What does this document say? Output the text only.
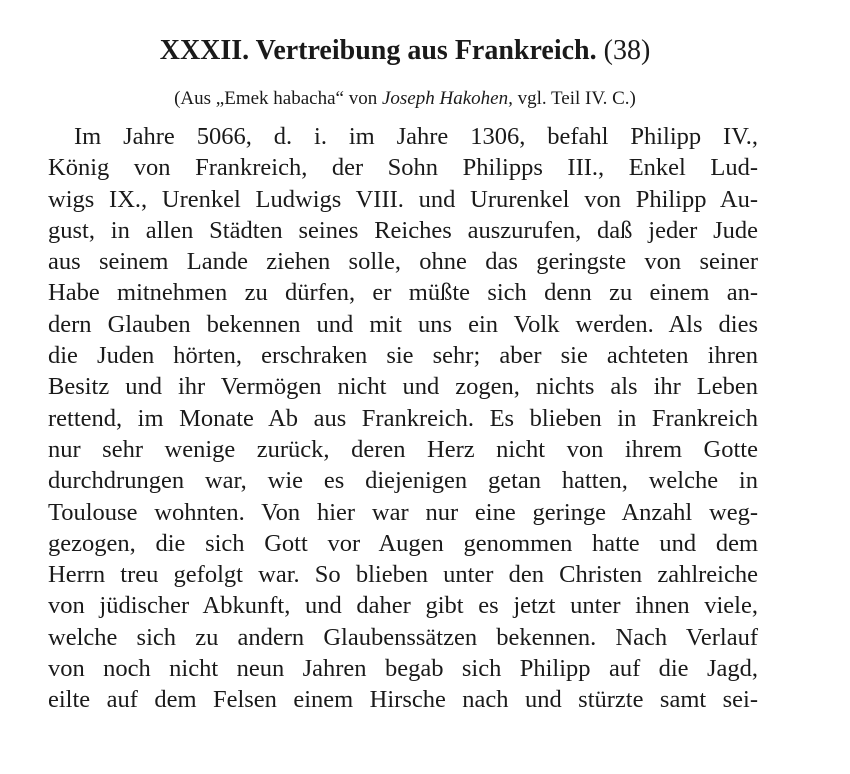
XXXII. Vertreibung aus Frankreich. (38)
(Aus „Emek habacha“ von Joseph Hakohen, vgl. Teil IV. C.)
Im Jahre 5066, d. i. im Jahre 1306, befahl Philipp IV.,
König von Frankreich, der Sohn Philipps III., Enkel Lud-
wigs IX., Urenkel Ludwigs VIII. und Ururenkel von Philipp Au-
gust, in allen Städten seines Reiches auszurufen, daß jeder Jude
aus seinem Lande ziehen solle, ohne das geringste von seiner
Habe mitnehmen zu dürfen, er müßte sich denn zu einem an-
dern Glauben bekennen und mit uns ein Volk werden. Als dies
die Juden hörten, erschraken sie sehr; aber sie achteten ihren
Besitz und ihr Vermögen nicht und zogen, nichts als ihr Leben
rettend, im Monate Ab aus Frankreich. Es blieben in Frankreich
nur sehr wenige zurück, deren Herz nicht von ihrem Gotte
durchdrungen war, wie es diejenigen getan hatten, welche in
Toulouse wohnten. Von hier war nur eine geringe Anzahl weg-
gezogen, die sich Gott vor Augen genommen hatte und dem
Herrn treu gefolgt war. So blieben unter den Christen zahlreiche
von jüdischer Abkunft, und daher gibt es jetzt unter ihnen viele,
welche sich zu andern Glaubenssätzen bekennen. Nach Verlauf
von noch nicht neun Jahren begab sich Philipp auf die Jagd,
eilte auf dem Felsen einem Hirsche nach und stürzte samt sei-
